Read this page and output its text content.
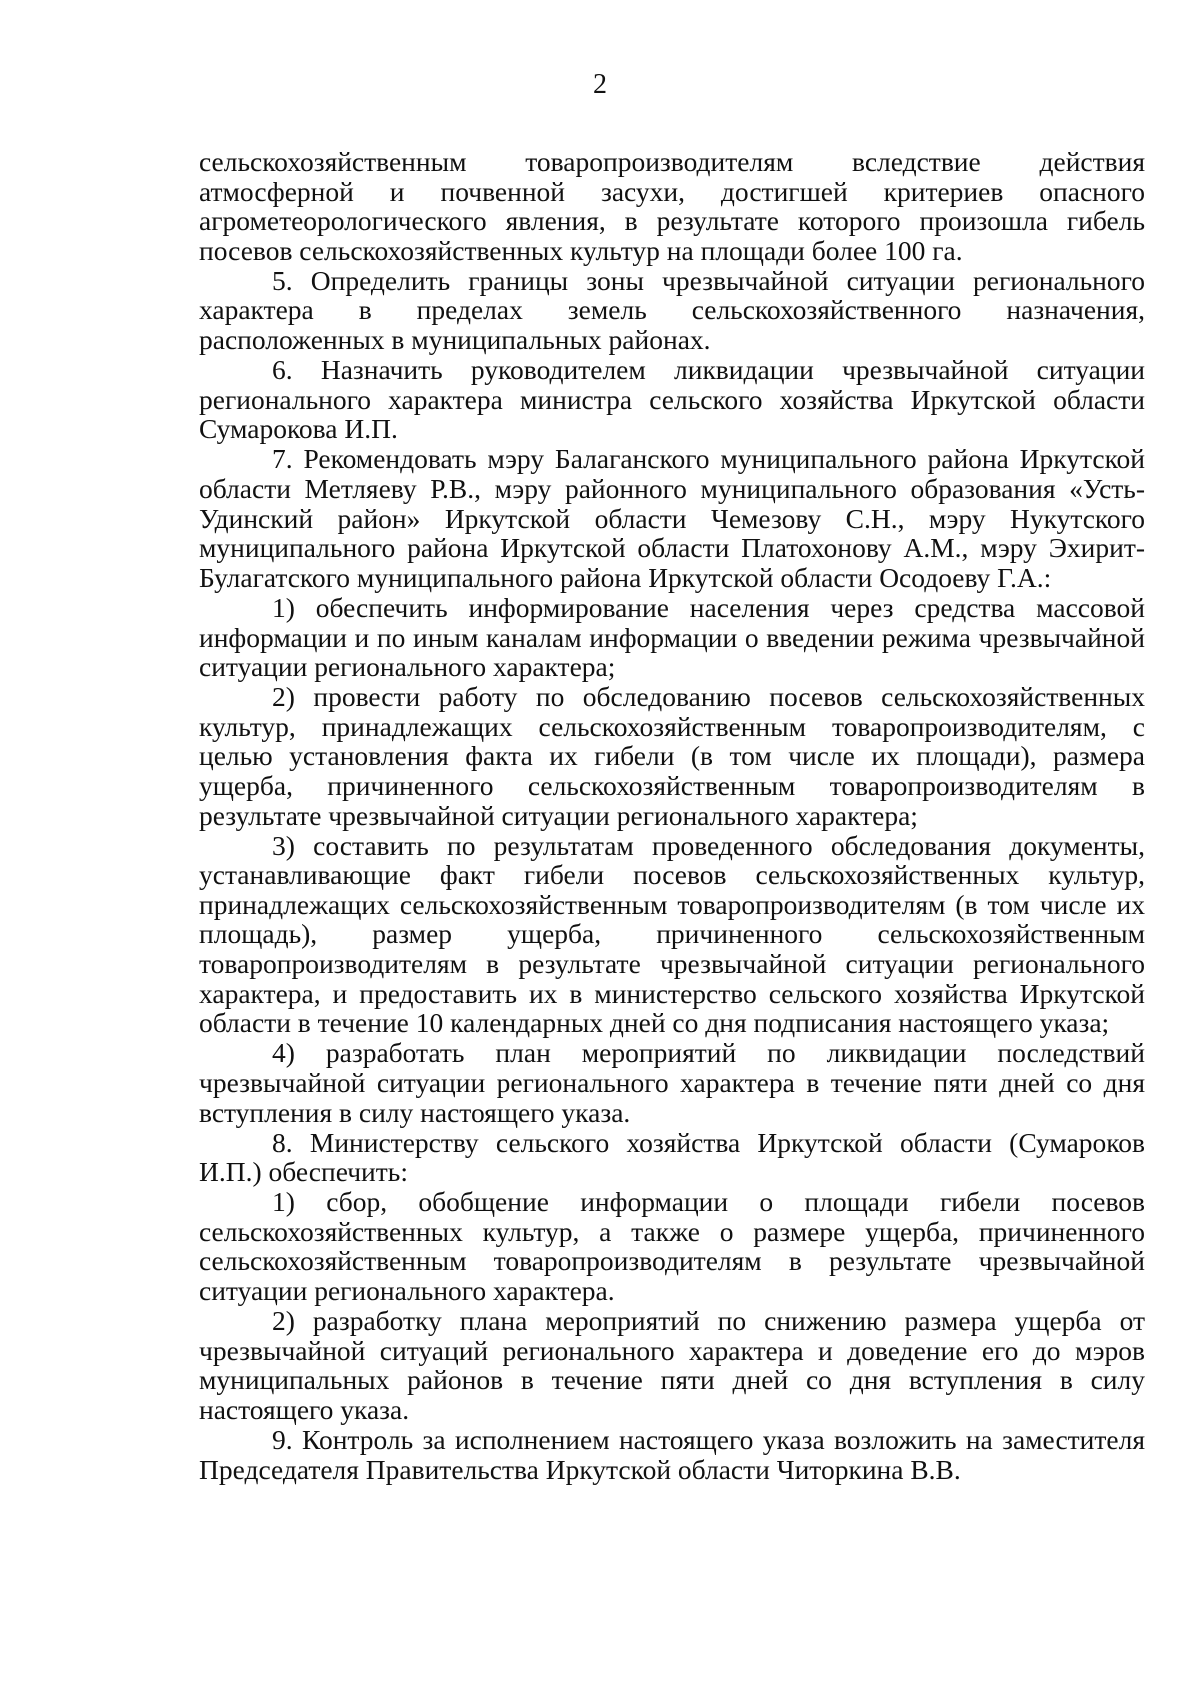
2

сельскохозяйственным товаропроизводителям вследствие действия атмосферной и почвенной засухи, достигшей критериев опасного агрометеорологического явления, в результате которого произошла гибель посевов сельскохозяйственных культур на площади более 100 га.

5. Определить границы зоны чрезвычайной ситуации регионального характера в пределах земель сельскохозяйственного назначения, расположенных в муниципальных районах.

6. Назначить руководителем ликвидации чрезвычайной ситуации регионального характера министра сельского хозяйства Иркутской области Сумарокова И.П.

7. Рекомендовать мэру Балаганского муниципального района Иркутской области Метляеву Р.В., мэру районного муниципального образования «Усть-Удинский район» Иркутской области Чемезову С.Н., мэру Нукутского муниципального района Иркутской области Платохонову А.М., мэру Эхирит-Булагатского муниципального района Иркутской области Осодоеву Г.А.:

1) обеспечить информирование населения через средства массовой информации и по иным каналам информации о введении режима чрезвычайной ситуации регионального характера;

2) провести работу по обследованию посевов сельскохозяйственных культур, принадлежащих сельскохозяйственным товаропроизводителям, с целью установления факта их гибели (в том числе их площади), размера ущерба, причиненного сельскохозяйственным товаропроизводителям в результате чрезвычайной ситуации регионального характера;

3) составить по результатам проведенного обследования документы, устанавливающие факт гибели посевов сельскохозяйственных культур, принадлежащих сельскохозяйственным товаропроизводителям (в том числе их площадь), размер ущерба, причиненного сельскохозяйственным товаропроизводителям в результате чрезвычайной ситуации регионального характера, и предоставить их в министерство сельского хозяйства Иркутской области в течение 10 календарных дней со дня подписания настоящего указа;

4) разработать план мероприятий по ликвидации последствий чрезвычайной ситуации регионального характера в течение пяти дней со дня вступления в силу настоящего указа.

8. Министерству сельского хозяйства Иркутской области (Сумароков И.П.) обеспечить:

1) сбор, обобщение информации о площади гибели посевов сельскохозяйственных культур, а также о размере ущерба, причиненного сельскохозяйственным товаропроизводителям в результате чрезвычайной ситуации регионального характера.

2) разработку плана мероприятий по снижению размера ущерба от чрезвычайной ситуаций регионального характера и доведение его до мэров муниципальных районов в течение пяти дней со дня вступления в силу настоящего указа.

9. Контроль за исполнением настоящего указа возложить на заместителя Председателя Правительства Иркутской области Читоркина В.В.
